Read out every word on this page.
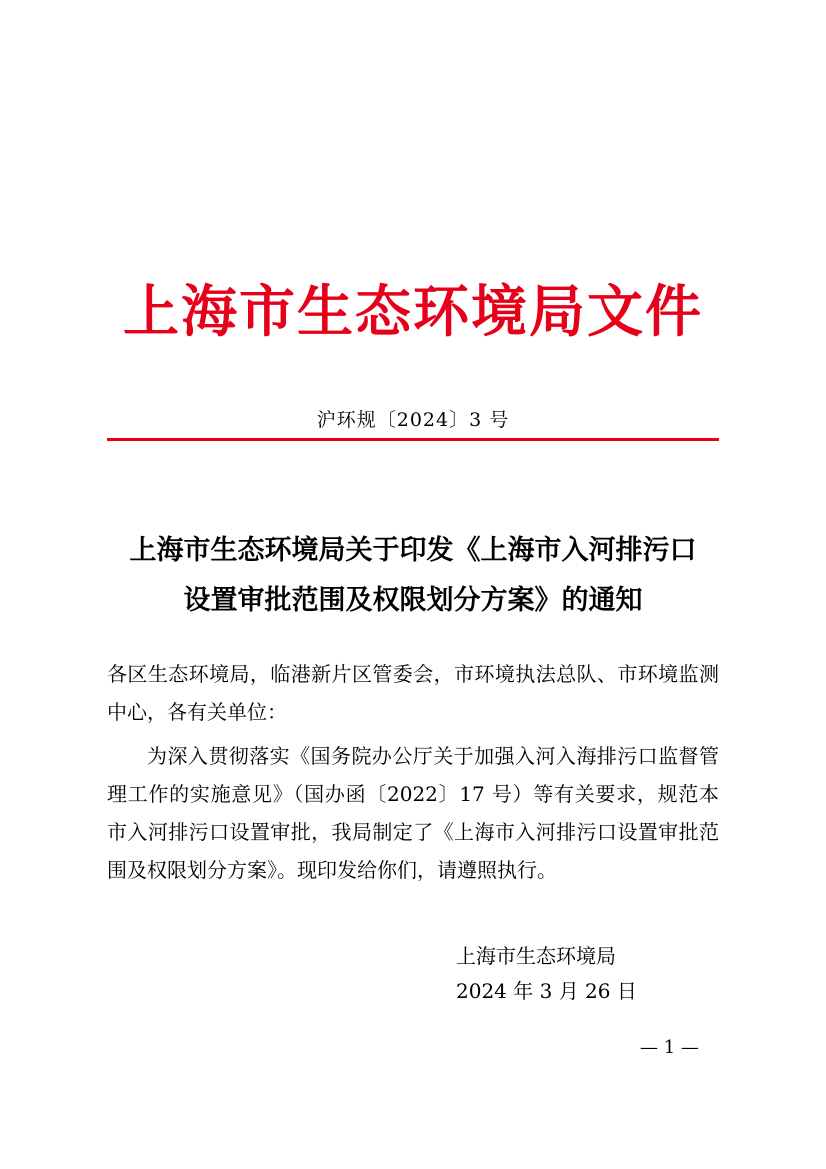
上海市生态环境局文件
沪环规〔2024〕3 号
上海市生态环境局关于印发《上海市入河排污口
设置审批范围及权限划分方案》的通知
各区生态环境局，临港新片区管委会，市环境执法总队、市环境监测中心，各有关单位：
为深入贯彻落实《国务院办公厅关于加强入河入海排污口监督管理工作的实施意见》（国办函〔2022〕17 号）等有关要求，规范本市入河排污口设置审批，我局制定了《上海市入河排污口设置审批范围及权限划分方案》。现印发给你们，请遵照执行。
上海市生态环境局
2024 年 3 月 26 日
— 1 —
